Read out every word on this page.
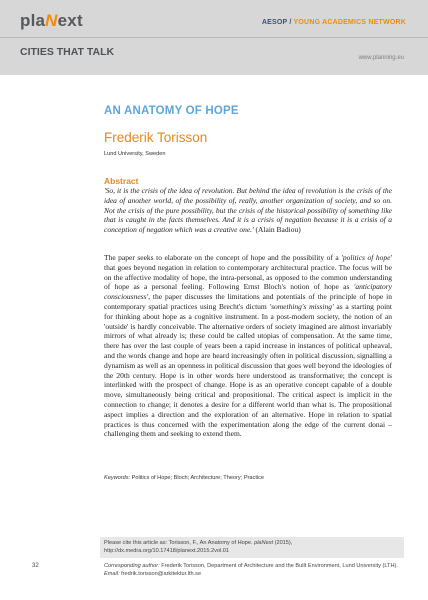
plaNext
CITIES THAT TALK
AESOP / YOUNG ACADEMICS NETWORK
www.planning.eu
AN ANATOMY OF HOPE
Frederik Torisson
Lund University, Sweden
Abstract
'So, it is the crisis of the idea of revolution. But behind the idea of revolution is the crisis of the idea of another world, of the possibility of, really, another organization of society, and so on. Not the crisis of the pure possibility, but the crisis of the historical possibility of something like that is caught in the facts themselves. And it is a crisis of negation because it is a crisis of a conception of negation which was a creative one.' (Alain Badiou)
The paper seeks to elaborate on the concept of hope and the possibility of a 'politics of hope' that goes beyond negation in relation to contemporary architectural practice. The focus will be on the affective modality of hope, the intra-personal, as opposed to the common understanding of hope as a personal feeling. Following Ernst Bloch's notion of hope as 'anticipatory consciousness', the paper discusses the limitations and potentials of the principle of hope in contemporary spatial practices using Brecht's dictum 'something's missing' as a starting point for thinking about hope as a cognitive instrument. In a post-modern society, the notion of an 'outside' is hardly conceivable. The alternative orders of society imagined are almost invariably mirrors of what already is; these could be called utopias of compensation. At the same time, there has over the last couple of years been a rapid increase in instances of political upheaval, and the words change and hope are heard increasingly often in political discussion, signalling a dynamism as well as an openness in political discussion that goes well beyond the ideologies of the 20th century. Hope is in other words here understood as transformative; the concept is interlinked with the prospect of change. Hope is as an operative concept capable of a double move, simultaneously being critical and propositional. The critical aspect is implicit in the connection to change; it denotes a desire for a different world than what is. The propositional aspect implies a direction and the exploration of an alternative. Hope in relation to spatial practices is thus concerned with the experimentation along the edge of the current donai – challenging them and seeking to extend them.
Keywords: Politics of Hope; Bloch; Architecture; Theory; Practice
Please cite this article as: Torisson, F., An Anatomy of Hope. plaNext (2015),
http://dx.medra.org/10.17418/planext.2015.2vol.01
32	Corresponding author: Frederik Torisson, Department of Architecture and the Built Environment, Lund University (LTH).
Email: fredrik.torisson@arkitektur.lth.se
